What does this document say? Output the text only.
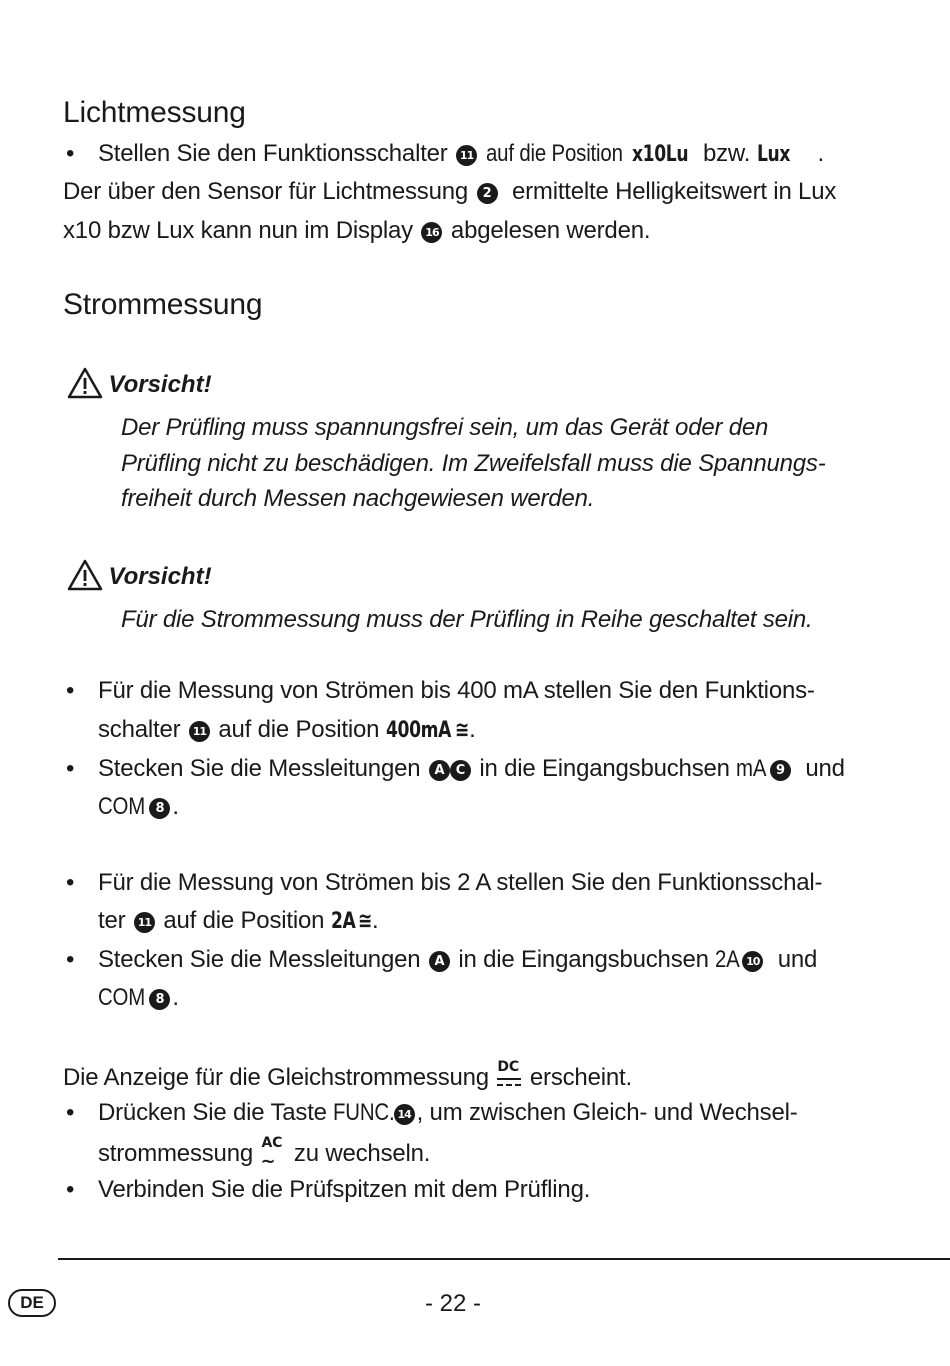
Lichtmessung
• Stellen Sie den Funktionsschalter 11 auf die Position x10Lu bzw. Lux .
Der über den Sensor für Lichtmessung 2 ermittelte Helligkeitswert in Lux
x10 bzw Lux kann nun im Display 16 abgelesen werden.
Strommessung
Vorsicht!
Der Prüfling muss spannungsfrei sein, um das Gerät oder den
Prüfling nicht zu beschädigen. Im Zweifelsfall muss die Spannungs-
freiheit durch Messen nachgewiesen werden.
Vorsicht!
Für die Strommessung muss der Prüfling in Reihe geschaltet sein.
• Für die Messung von Strömen bis 400 mA stellen Sie den Funktions-
schalter 11 auf die Position 400mA ≅.
• Stecken Sie die Messleitungen A C in die Eingangsbuchsen mA 9 und
COM 8 .
• Für die Messung von Strömen bis 2 A stellen Sie den Funktionsschal-
ter 11 auf die Position 2A ≅.
• Stecken Sie die Messleitungen A in die Eingangsbuchsen 2A 10 und
COM 8 .
Die Anzeige für die Gleichstrommessung DC erscheint.
• Drücken Sie die Taste FUNC. 14 , um zwischen Gleich- und Wechsel-
strommessung AC
∼ zu wechseln.
• Verbinden Sie die Prüfspitzen mit dem Prüfling.
DE	- 22 -
